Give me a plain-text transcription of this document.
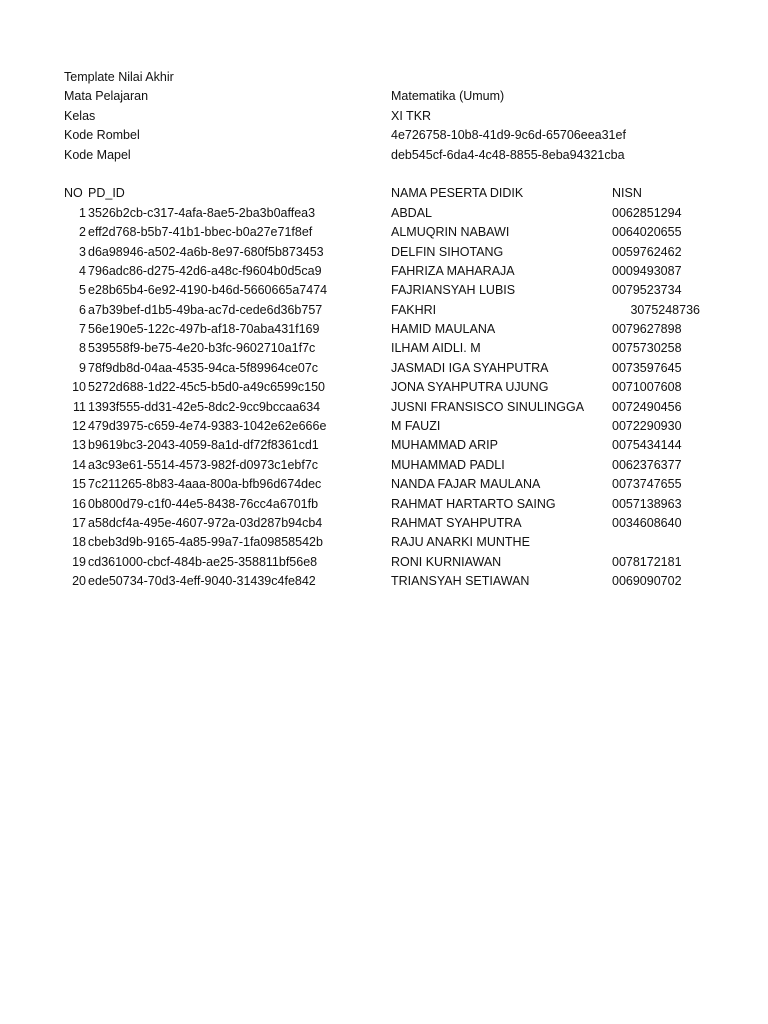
Template Nilai Akhir
Mata Pelajaran	Matematika (Umum)
Kelas	XI TKR
Kode Rombel	4e726758-10b8-41d9-9c6d-65706eea31ef
Kode Mapel	deb545cf-6da4-4c48-8855-8eba94321cba
NO PD_ID	NAMA PESERTA DIDIK	NISN
1 3526b2cb-c317-4afa-8ae5-2ba3b0affea3	ABDAL	0062851294
2 eff2d768-b5b7-41b1-bbec-b0a27e71f8ef	ALMUQRIN NABAWI	0064020655
3 d6a98946-a502-4a6b-8e97-680f5b873453	DELFIN SIHOTANG	0059762462
4 796adc86-d275-42d6-a48c-f9604b0d5ca9	FAHRIZA MAHARAJA	0009493087
5 e28b65b4-6e92-4190-b46d-5660665a7474	FAJRIANSYAH LUBIS	0079523734
6 a7b39bef-d1b5-49ba-ac7d-cede6d36b757	FAKHRI	3075248736
7 56e190e5-122c-497b-af18-70aba431f169	HAMID MAULANA	0079627898
8 539558f9-be75-4e20-b3fc-9602710a1f7c	ILHAM AIDLI. M	0075730258
9 78f9db8d-04aa-4535-94ca-5f89964ce07c	JASMADI IGA SYAHPUTRA	0073597645
10 5272d688-1d22-45c5-b5d0-a49c6599c150	JONA SYAHPUTRA UJUNG	0071007608
11 1393f555-dd31-42e5-8dc2-9cc9bccaa634	JUSNI FRANSISCO SINULINGGA 0072490456
12 479d3975-c659-4e74-9383-1042e62e666e	M FAUZI	0072290930
13 b9619bc3-2043-4059-8a1d-df72f8361cd1	MUHAMMAD ARIP	0075434144
14 a3c93e61-5514-4573-982f-d0973c1ebf7c	MUHAMMAD PADLI	0062376377
15 7c211265-8b83-4aaa-800a-bfb96d674dec	NANDA FAJAR MAULANA	0073747655
16 0b800d79-c1f0-44e5-8438-76cc4a6701fb	RAHMAT HARTARTO SAING	0057138963
17 a58dcf4a-495e-4607-972a-03d287b94cb4	RAHMAT SYAHPUTRA	0034608640
18 cbeb3d9b-9165-4a85-99a7-1fa09858542b	RAJU ANARKI MUNTHE
19 cd361000-cbcf-484b-ae25-358811bf56e8	RONI KURNIAWAN	0078172181
20 ede50734-70d3-4eff-9040-31439c4fe842	TRIANSYAH SETIAWAN	0069090702
